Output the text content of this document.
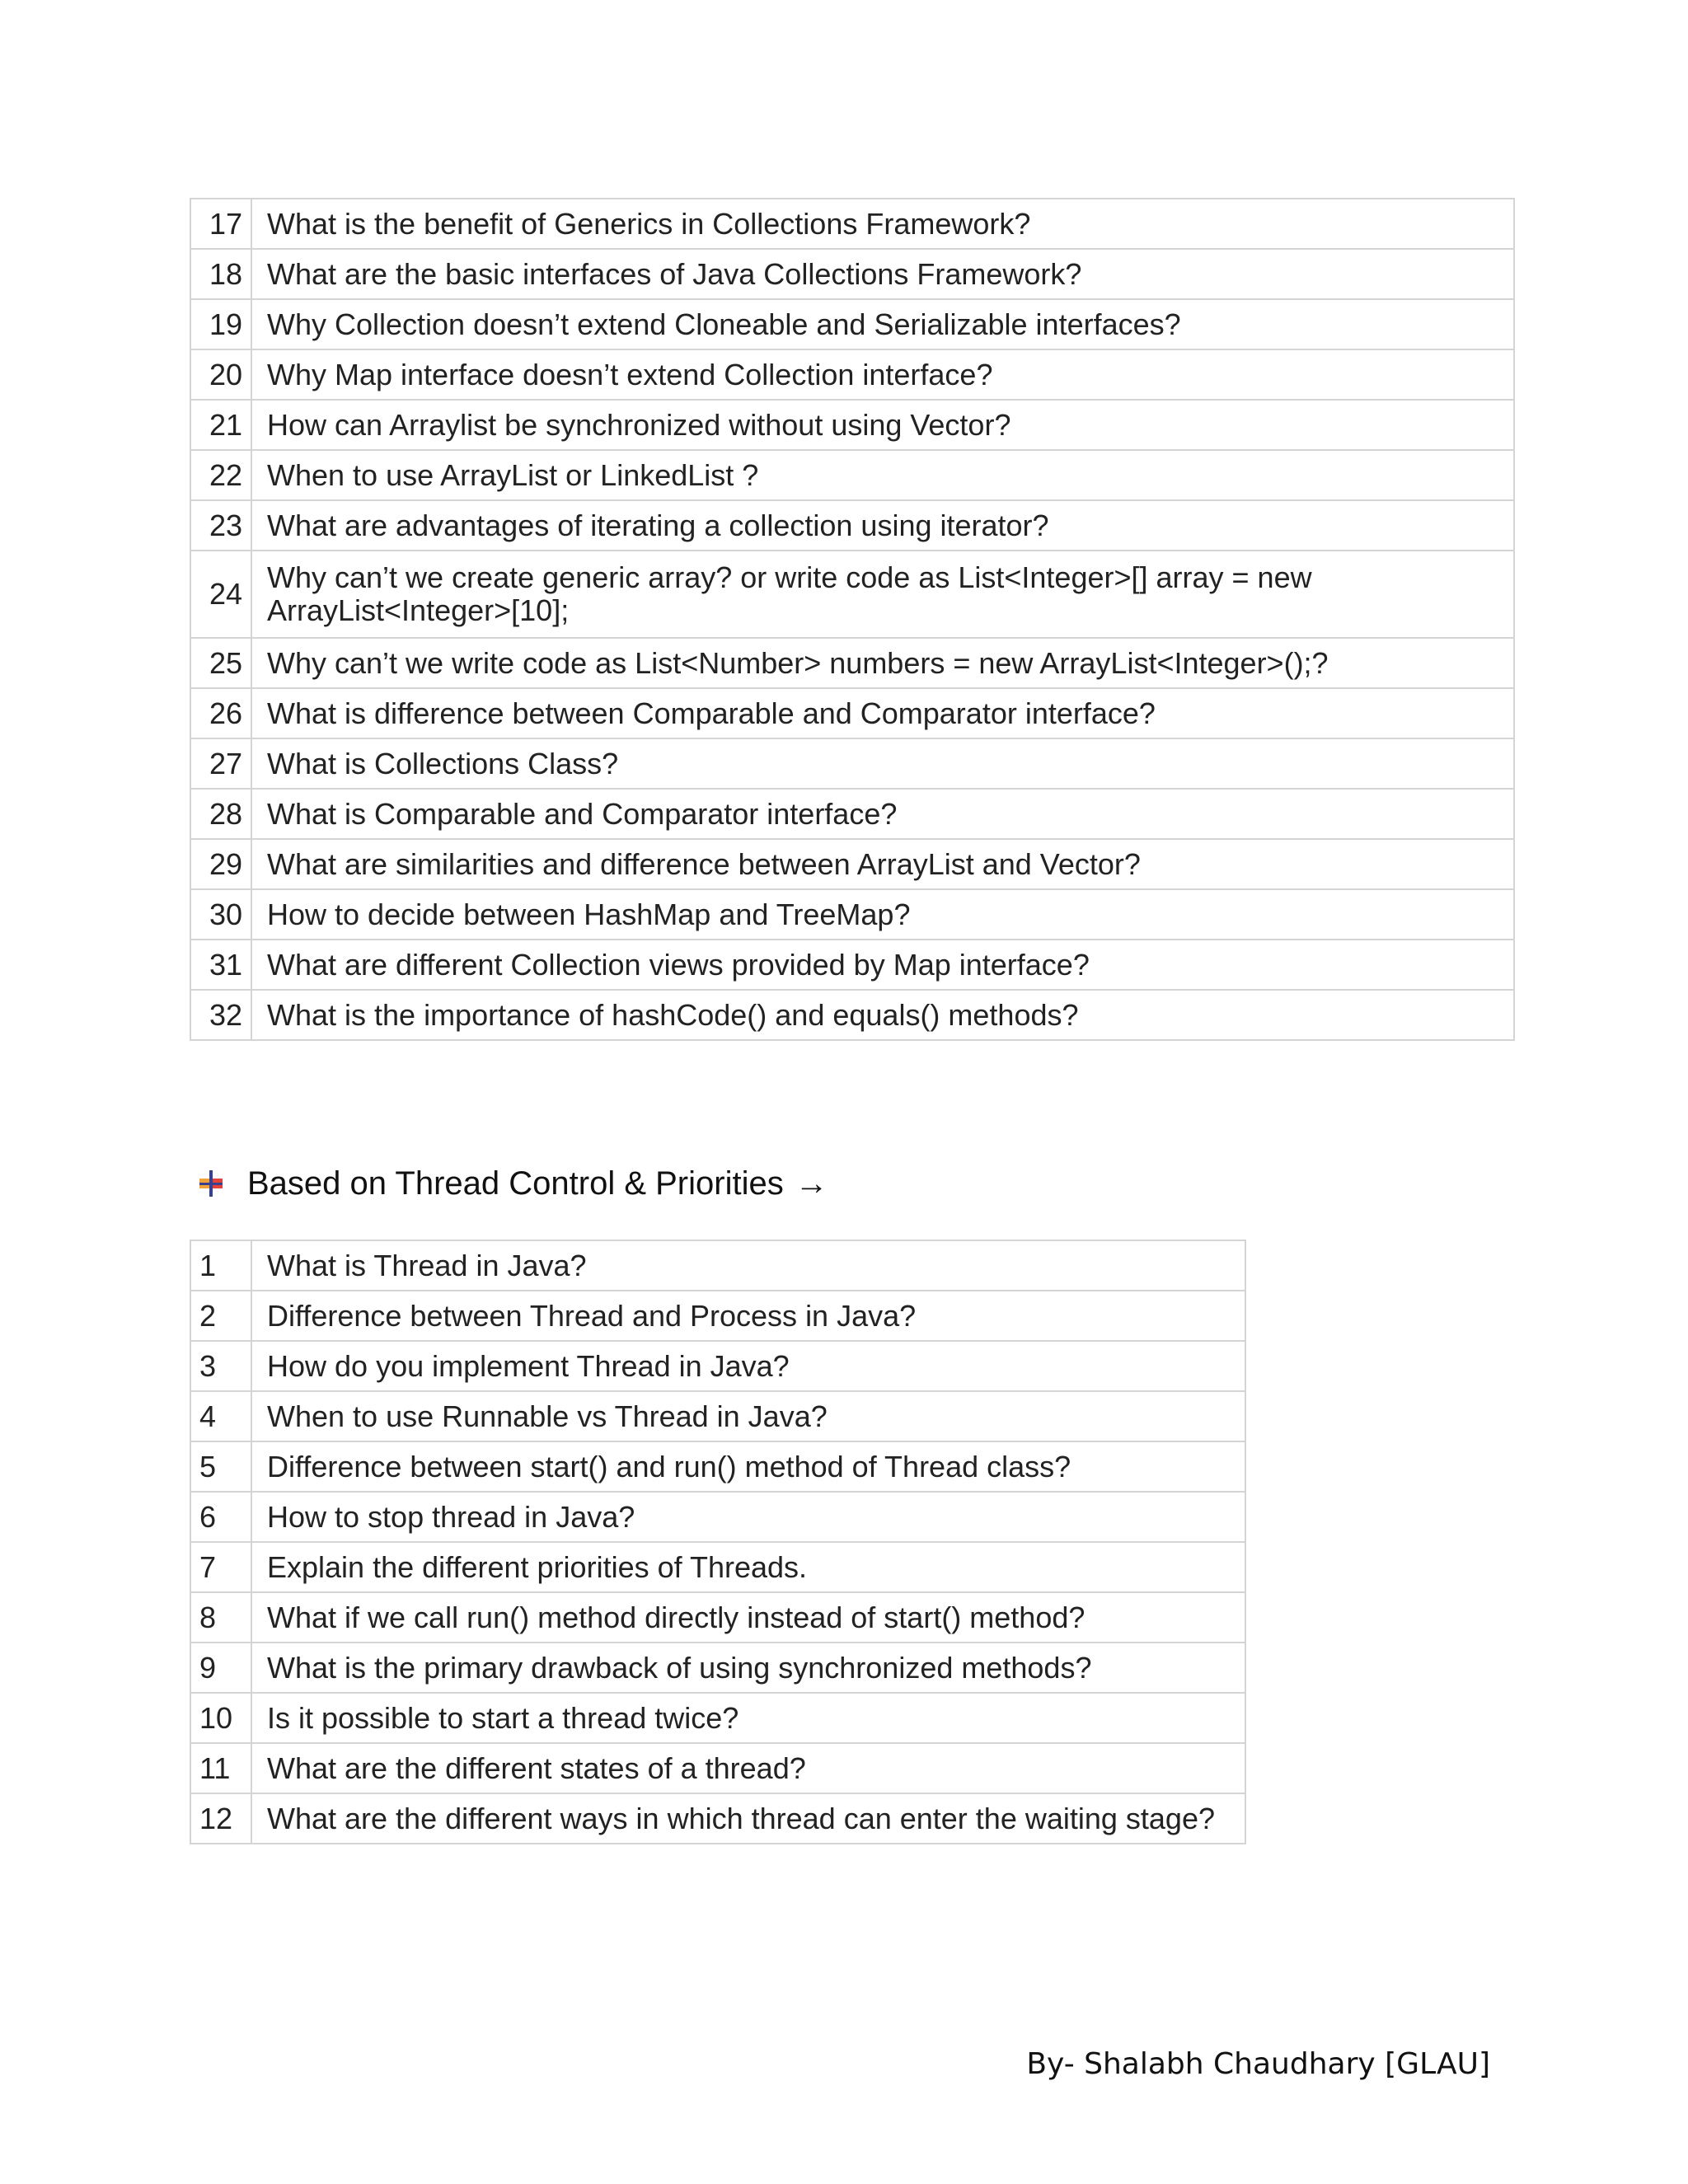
17	What is the benefit of Generics in Collections Framework?
18	What are the basic interfaces of Java Collections Framework?
19	Why Collection doesn’t extend Cloneable and Serializable interfaces?
20	Why Map interface doesn’t extend Collection interface?
21	How can Arraylist be synchronized without using Vector?
22	When to use ArrayList or LinkedList ?
23	What are advantages of iterating a collection using iterator?
24	Why can’t we create generic array? or write code as List<Integer>[] array = new ArrayList<Integer>[10];
25	Why can’t we write code as List<Number> numbers = new ArrayList<Integer>();?
26	What is difference between Comparable and Comparator interface?
27	What is Collections Class?
28	What is Comparable and Comparator interface?
29	What are similarities and difference between ArrayList and Vector?
30	How to decide between HashMap and TreeMap?
31	What are different Collection views provided by Map interface?
32	What is the importance of hashCode() and equals() methods?
Based on Thread Control & Priorities →
1	What is Thread in Java?
2	Difference between Thread and Process in Java?
3	How do you implement Thread in Java?
4	When to use Runnable vs Thread in Java?
5	Difference between start() and run() method of Thread class?
6	How to stop thread in Java?
7	Explain the different priorities of Threads.
8	What if we call run() method directly instead of start() method?
9	What is the primary drawback of using synchronized methods?
10	Is it possible to start a thread twice?
11	What are the different states of a thread?
12	What are the different ways in which thread can enter the waiting stage?
By- Shalabh Chaudhary [GLAU]
